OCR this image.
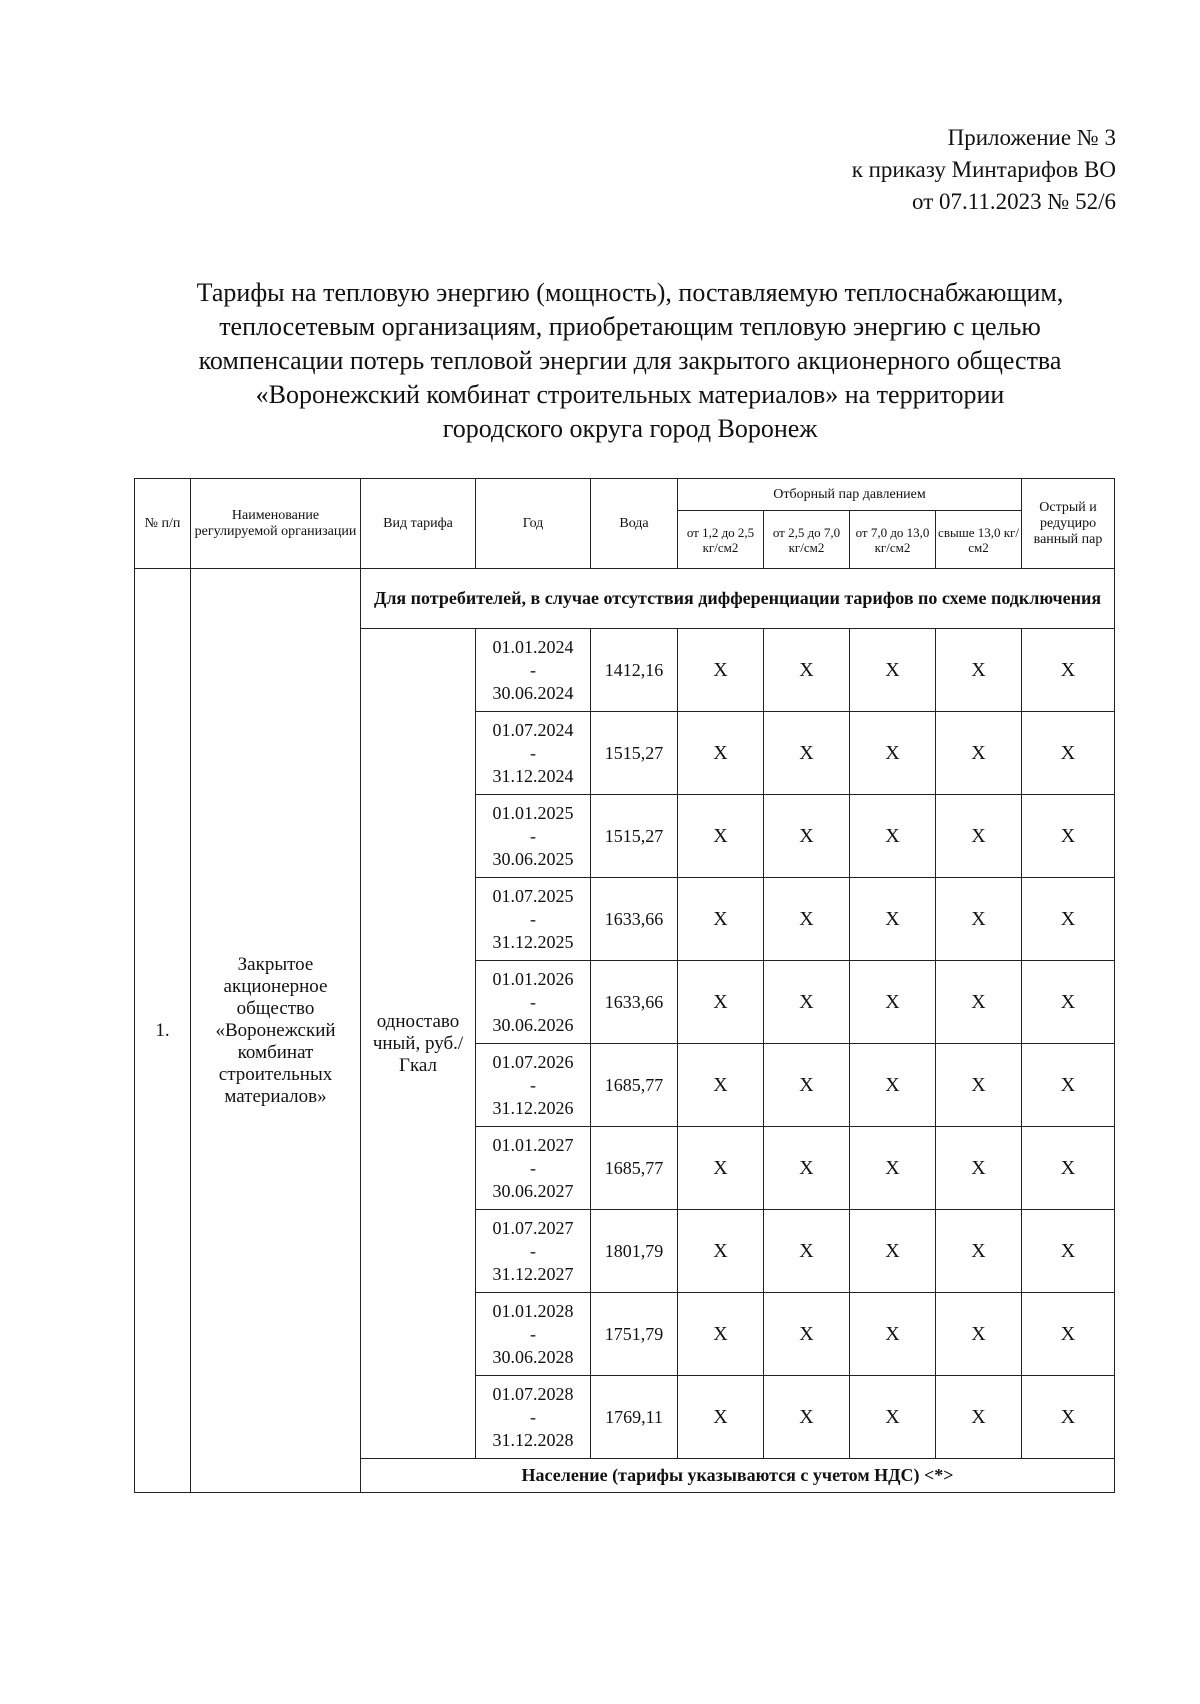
Приложение № 3
к приказу Минтарифов ВО
от 07.11.2023 № 52/6
Тарифы на тепловую энергию (мощность), поставляемую теплоснабжающим,
теплосетевым организациям, приобретающим тепловую энергию с целью
компенсации потерь тепловой энергии для закрытого акционерного общества
«Воронежский комбинат строительных материалов» на территории
городского округа город Воронеж
№ п/п	Наименование регулируемой организации	Вид тарифа	Год	Вода	Отборный пар давлением				Острый и редуциро ванный пар
					от 1,2 до 2,5 кг/см2	от 2,5 до 7,0 кг/см2	от 7,0 до 13,0 кг/см2	свыше 13,0 кг/см2	
1.	Закрытое акционерное общество «Воронежский комбинат строительных материалов»	Для потребителей, в случае отсутствия дифференциации тарифов по схеме подключения							
		одноставо чный, руб./Гкал	01.01.2024
-
30.06.2024	1412,16	X	X	X	X	X

			01.07.2024
-
31.12.2024	1515,27	X	X	X	X	X

			01.01.2025
-
30.06.2025	1515,27	X	X	X	X	X

			01.07.2025
-
31.12.2025	1633,66	X	X	X	X	X

			01.01.2026
-
30.06.2026	1633,66	X	X	X	X	X

			01.07.2026
-
31.12.2026	1685,77	X	X	X	X	X

			01.01.2027
-
30.06.2027	1685,77	X	X	X	X	X

			01.07.2027
-
31.12.2027	1801,79	X	X	X	X	X

			01.01.2028
-
30.06.2028	1751,79	X	X	X	X	X

			01.07.2028
-
31.12.2028	1769,11	X	X	X	X	X
		Население (тарифы указываются с учетом НДС) <*>							
